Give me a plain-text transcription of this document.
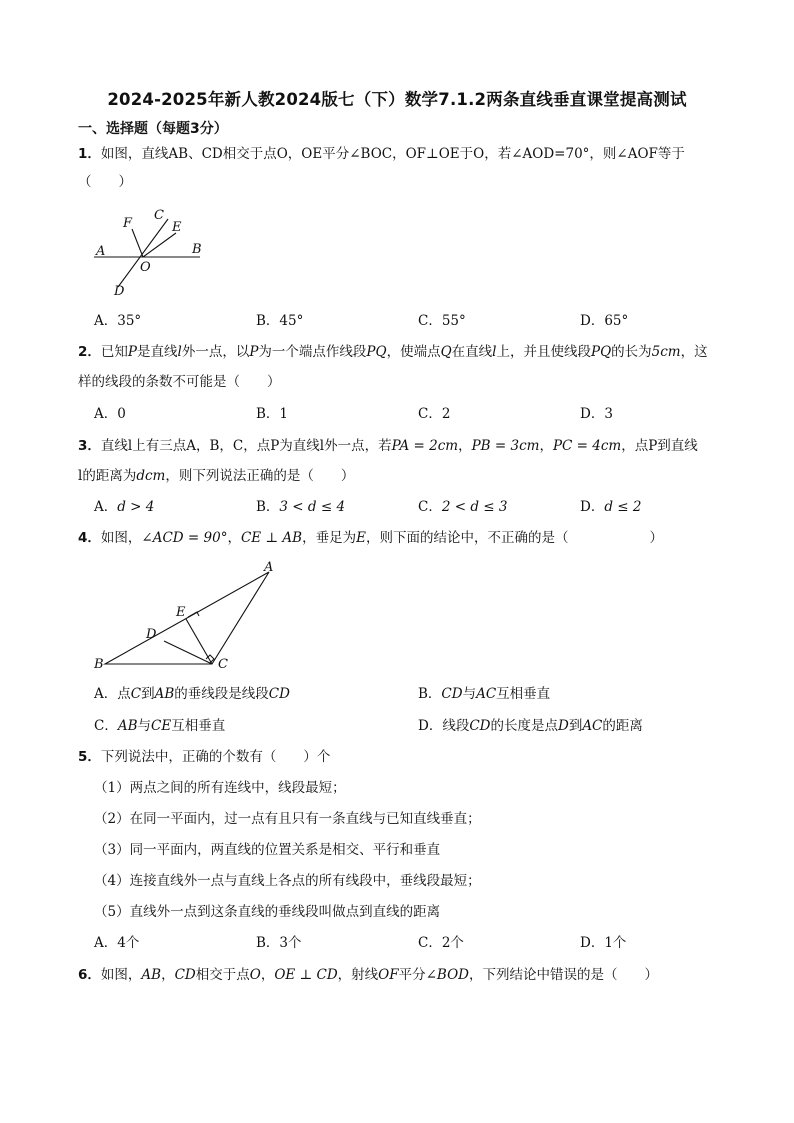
2024-2025年新人教2024版七（下）数学7.1.2两条直线垂直课堂提高测试
一、选择题（每题3分）
1．如图，直线AB、CD相交于点O，OE平分∠BOC，OF⊥OE于O，若∠AOD=70°，则∠AOF等于
（　　）
A	B
C
D
E
F
O
A．35°	B．45°	C．55°	D．65°
2．已知P是直线l外一点，以P为一个端点作线段PQ，使端点Q在直线l上，并且使线段PQ的长为5cm，这
样的线段的条数不可能是（　　）
A．0	B．1	C．2	D．3
3．直线l上有三点A，B，C，点P为直线l外一点，若PA = 2cm，PB = 3cm，PC = 4cm，点P到直线
l的距离为dcm，则下列说法正确的是（　　）
A．d > 4	B．3 < d ≤ 4	C．2 < d ≤ 3	D．d ≤ 2
4．如图，∠ACD = 90°，CE ⊥ AB，垂足为E，则下面的结论中，不正确的是（　　　　　　）
B
A
C
D
E
A．点C到AB的垂线段是线段CD	B．CD与AC互相垂直
C．AB与CE互相垂直	D．线段CD的长度是点D到AC的距离
5．下列说法中，正确的个数有（　　）个
（1）两点之间的所有连线中，线段最短；
（2）在同一平面内，过一点有且只有一条直线与已知直线垂直；
（3）同一平面内，两直线的位置关系是相交、平行和垂直
（4）连接直线外一点与直线上各点的所有线段中，垂线段最短；
（5）直线外一点到这条直线的垂线段叫做点到直线的距离
A．4个	B．3个	C．2个	D．1个
6．如图，AB，CD相交于点O，OE ⊥ CD，射线OF平分∠BOD，下列结论中错误的是（　　）
